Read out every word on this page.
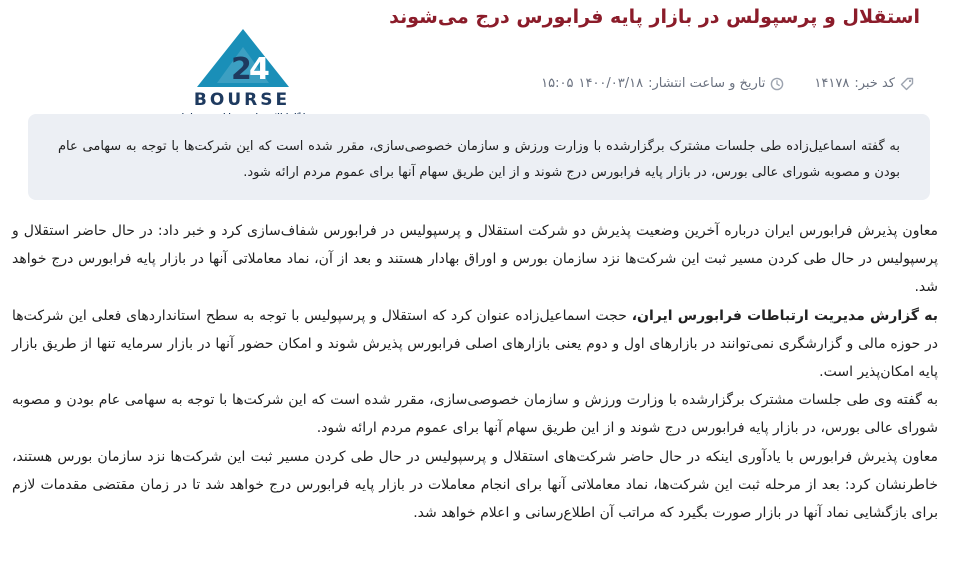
استقلال و پرسپولس در بازار پایه فرابورس درج می‌شوند
2
4
BOURSE
کد خبر:
۱۴۱۷۸
تاریخ و ساعت انتشار:
۱۴۰۰/۰۳/۱۸
۱۵:۰۵
به گفته اسماعیل‌زاده طی جلسات مشترک برگزارشده با وزارت ورزش و سازمان خصوصی‌سازی، مقرر شده است که این شرکت‌ها با توجه به سهامی عام بودن و مصوبه شورای عالی بورس، در بازار پایه فرابورس درج شوند و از این طریق سهام آنها برای عموم مردم ارائه شود.

معاون پذیرش فرابورس ایران درباره آخرین وضعیت پذیرش دو شرکت استقلال و پرسپولیس در فرابورس شفاف‌سازی کرد و خبر داد: در حال حاضر استقلال و پرسپولیس در حال طی کردن مسیر ثبت این شرکت‌ها نزد سازمان بورس و اوراق بهادار هستند و بعد از آن، نماد معاملاتی آنها در بازار پایه فرابورس درج خواهد شد.

به گزارش مدیریت ارتباطات فرابورس ایران، حجت اسماعیل‌زاده عنوان کرد که استقلال و پرسپولیس با توجه به سطح استانداردهای فعلی این شرکت‌ها در حوزه مالی و گزارشگری نمی‌توانند در بازارهای اول و دوم یعنی بازارهای اصلی فرابورس پذیرش شوند و امکان حضور آنها در بازار سرمایه تنها از طریق بازار پایه امکان‌پذیر است.

به گفته وی طی جلسات مشترک برگزارشده با وزارت ورزش و سازمان خصوصی‌سازی، مقرر شده است که این شرکت‌ها با توجه به سهامی عام بودن و مصوبه شورای عالی بورس، در بازار پایه فرابورس درج شوند و از این طریق سهام آنها برای عموم مردم ارائه شود.

معاون پذیرش فرابورس با یادآوری اینکه در حال حاضر شرکت‌های استقلال و پرسپولیس در حال طی کردن مسیر ثبت این شرکت‌ها نزد سازمان بورس هستند، خاطرنشان کرد: بعد از مرحله ثبت این شرکت‌ها، نماد معاملاتی آنها برای انجام معاملات در بازار پایه فرابورس درج خواهد شد تا در زمان مقتضی مقدمات لازم برای بازگشایی نماد آنها در بازار صورت بگیرد که مراتب آن اطلاع‌رسانی و اعلام خواهد شد.
